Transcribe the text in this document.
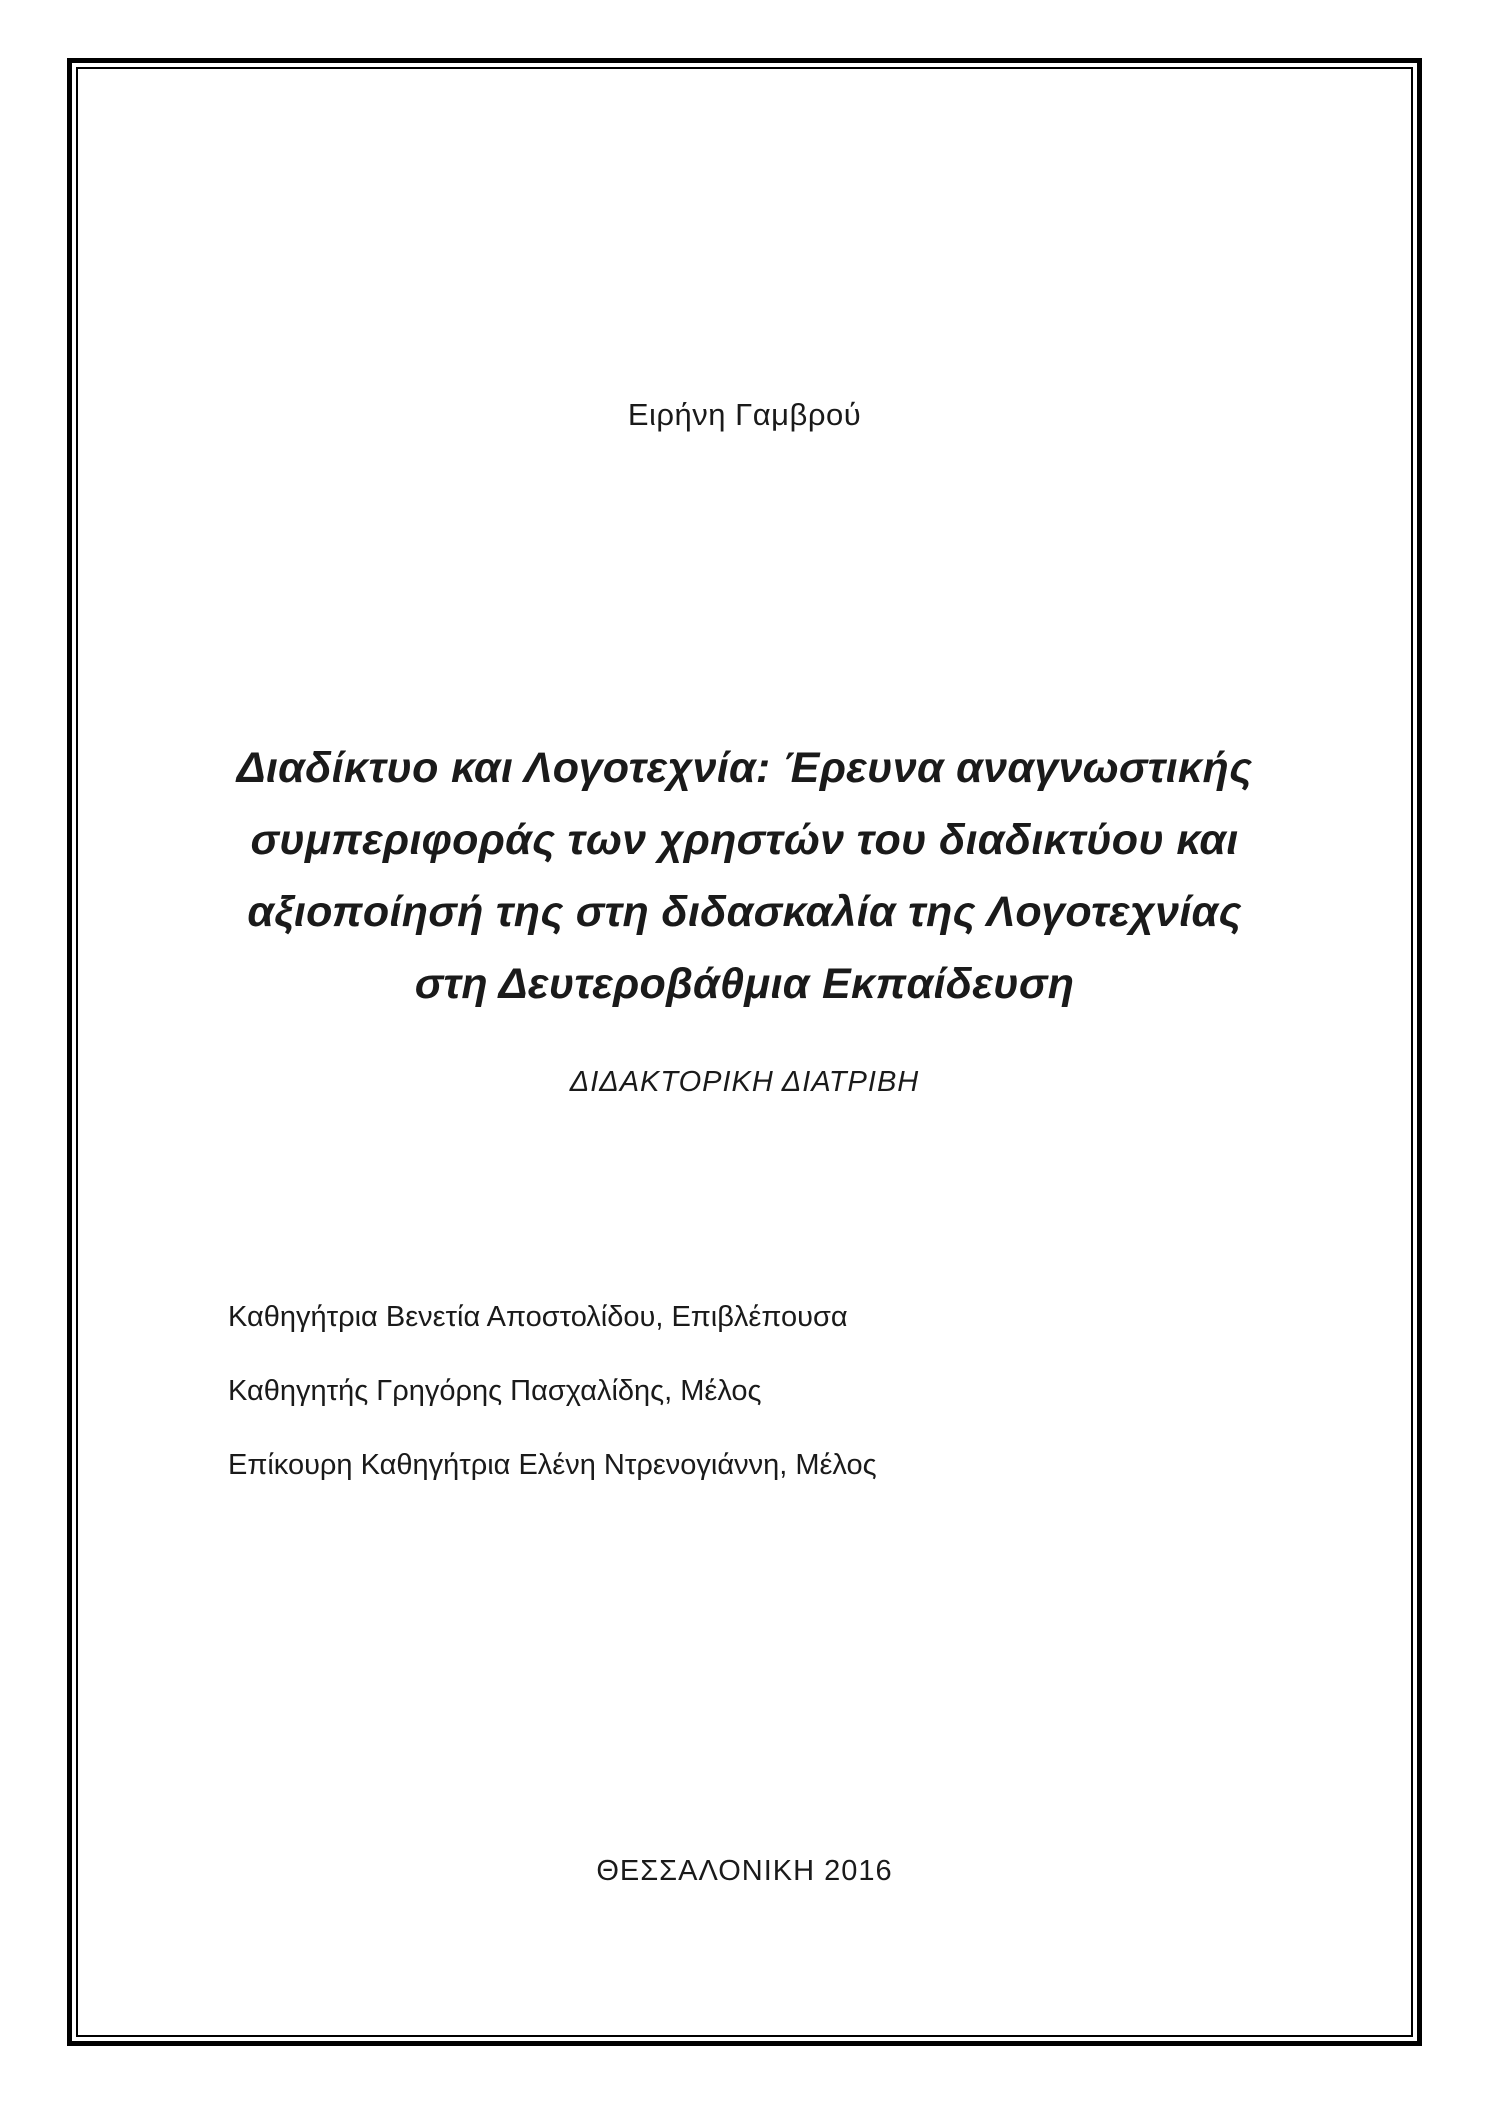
Ειρήνη Γαμβρού
Διαδίκτυο και Λογοτεχνία: Έρευνα αναγνωστικής
συμπεριφοράς των χρηστών του διαδικτύου και
αξιοποίησή της στη διδασκαλία της Λογοτεχνίας
στη Δευτεροβάθμια Εκπαίδευση
ΔΙΔΑΚΤΟΡΙΚΗ ΔΙΑΤΡΙΒΗ
Καθηγήτρια Βενετία Αποστολίδου, Επιβλέπουσα
Καθηγητής Γρηγόρης Πασχαλίδης, Μέλος
Επίκουρη Καθηγήτρια Ελένη Ντρενογιάννη, Μέλος
ΘΕΣΣΑΛΟΝΙΚΗ 2016
